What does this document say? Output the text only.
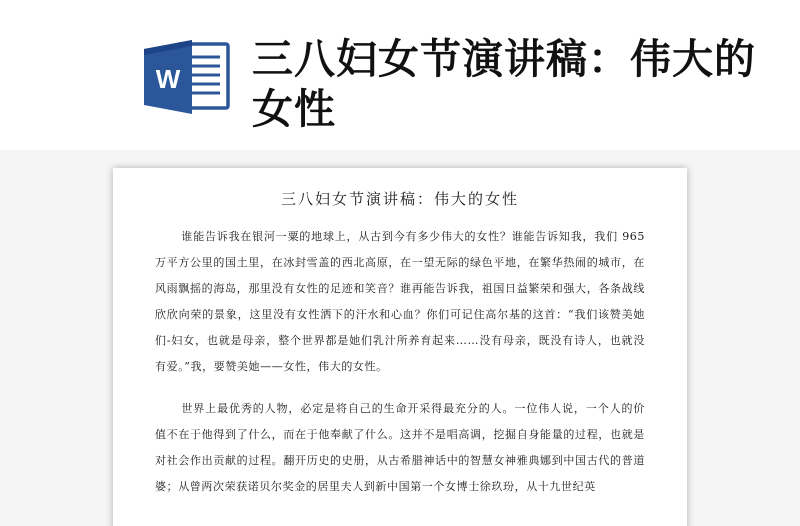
W 三八妇女节演讲稿：伟大的女性
三八妇女节演讲稿：伟大的女性

谁能告诉我在银河一粟的地球上，从古到今有多少伟大的女性？谁能告诉知我，我们 965 万平方公里的国土里，在冰封雪盖的西北高原，在一望无际的绿色平地，在繁华热闹的城市，在风雨飘摇的海岛，那里没有女性的足迹和笑音？谁再能告诉我，祖国日益繁荣和强大，各条战线欣欣向荣的景象，这里没有女性洒下的汗水和心血？你们可记住高尔基的这首：“我们该赞美她们-妇女，也就是母亲，整个世界都是她们乳汁所养育起来……没有母亲，既没有诗人，也就没有爱。”我，要赞美她——女性，伟大的女性。

世界上最优秀的人物，必定是将自己的生命开采得最充分的人。一位伟人说，一个人的价值不在于他得到了什么，而在于他奉献了什么。这并不是唱高调，挖掘自身能量的过程，也就是对社会作出贡献的过程。翻开历史的史册，从古希腊神话中的智慧女神雅典娜到中国古代的普道婆；从曾两次荣获诺贝尔奖金的居里夫人到新中国第一个女博士徐玖玢，从十九世纪英
